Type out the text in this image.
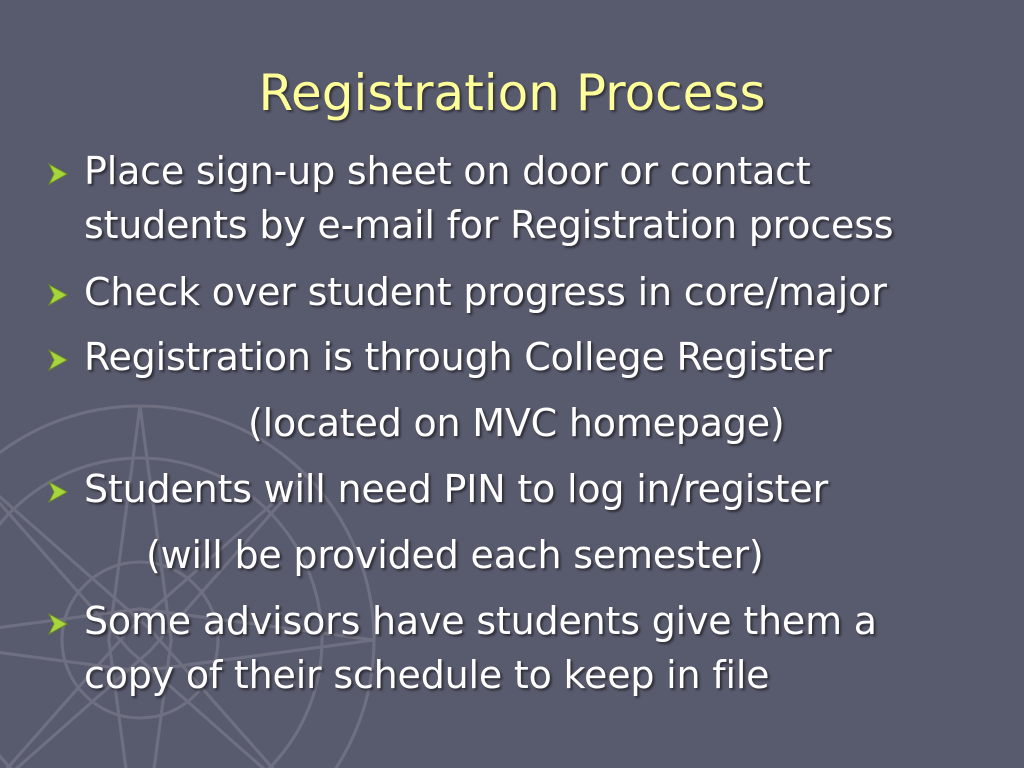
Registration Process
Place sign-up sheet on door or contact
students by e-mail for Registration process
Check over student progress in core/major
Registration is through College Register
(located on MVC homepage)
Students will need PIN to log in/register
(will be provided each semester)
Some advisors have students give them a
copy of their schedule to keep in file
